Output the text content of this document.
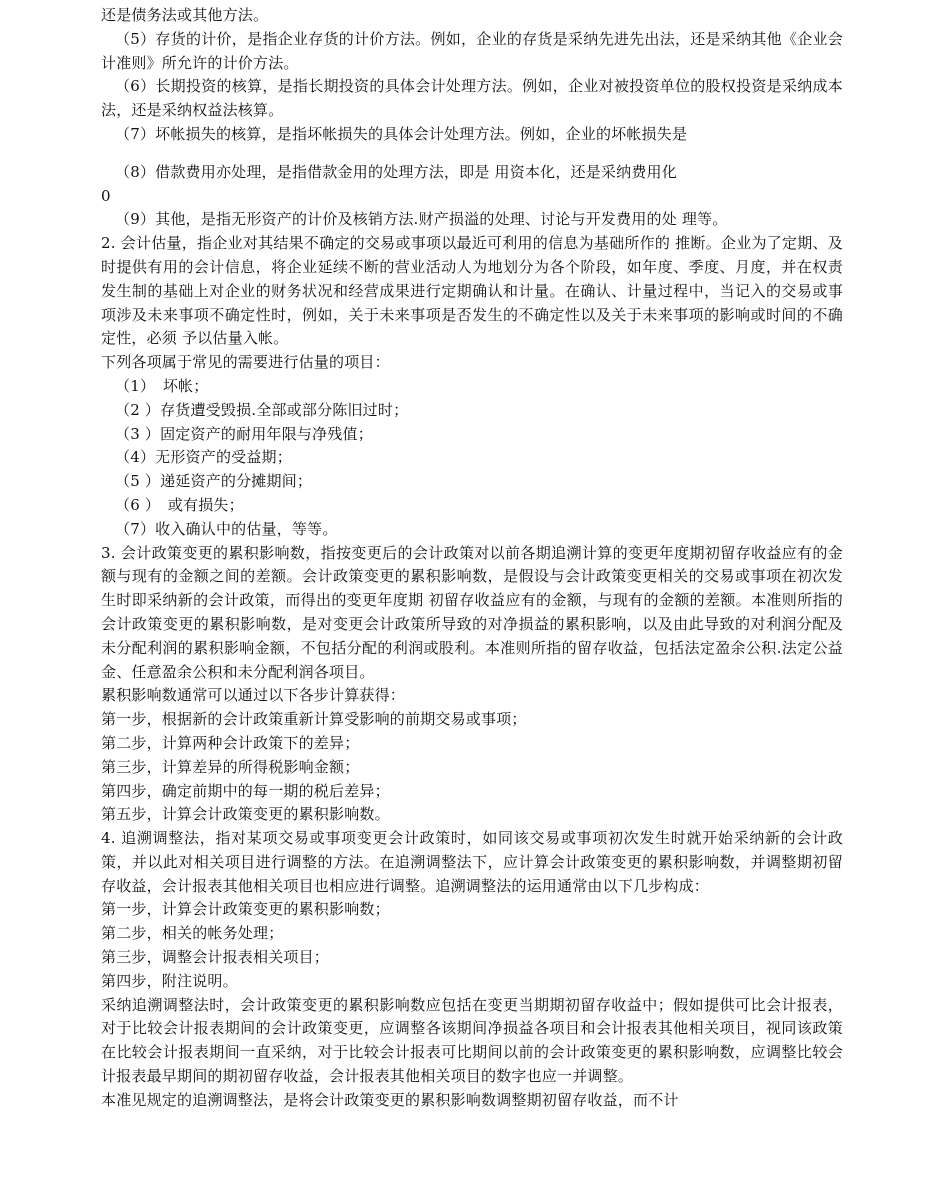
还是债务法或其他方法。

（5）存货的计价，是指企业存货的计价方法。例如，企业的存货是采纳先进先出法，还是采纳其他《企业会计准则》所允许的计价方法。

（6）长期投资的核算，是指长期投资的具体会计处理方法。例如，企业对被投资单位的股权投资是采纳成本法，还是采纳权益法核算。

（7）坏帐损失的核算，是指坏帐损失的具体会计处理方法。例如，企业的坏帐损失是

（8）借款费用亦处理，是指借款金用的处理方法，即是 用资本化，还是采纳费用化

0

（9）其他，是指无形资产的计价及核销方法.财产损溢的处理、讨论与开发费用的处 理等。

2. 会计估量，指企业对其结果不确定的交易或事项以最近可利用的信息为基础所作的 推断。企业为了定期、及时提供有用的会计信息，将企业延续不断的营业活动人为地划分为各个阶段，如年度、季度、月度，并在权责发生制的基础上对企业的财务状况和经营成果进行定期确认和计量。在确认、计量过程中，当记入的交易或事项涉及未来事项不确定性时，例如，关于未来事项是否发生的不确定性以及关于未来事项的影响或时间的不确定性，必须 予以估量入帐。

下列各项属于常见的需要进行估量的项目：

（1）　坏帐；

（2 ）存货遭受毁损.全部或部分陈旧过时；

（3 ）固定资产的耐用年限与净残值；

（4）无形资产的受益期；

（5 ）递延资产的分摊期间；

（6 ）　或有损失；

（7）收入确认中的估量，等等。

3. 会计政策变更的累积影响数，指按变更后的会计政策对以前各期追溯计算的变更年度期初留存收益应有的金额与现有的金额之间的差额。会计政策变更的累积影响数，是假设与会计政策变更相关的交易或事项在初次发生时即采纳新的会计政策，而得出的变更年度期 初留存收益应有的金额，与现有的金额的差额。本准则所指的会计政策变更的累积影响数，是对变更会计政策所导致的对净损益的累积影响，以及由此导致的对利润分配及未分配利润的累积影响金额，不包括分配的利润或股利。本准则所指的留存收益，包括法定盈余公积.法定公益金、任意盈余公积和未分配利润各项目。

累积影响数通常可以通过以下各步计算获得：

第一步，根据新的会计政策重新计算受影响的前期交易或事项；

第二步，计算两种会计政策下的差异；

第三步，计算差异的所得税影响金额；

第四步，确定前期中的每一期的税后差异；

第五步，计算会计政策变更的累积影响数。

4. 追溯调整法，指对某项交易或事项变更会计政策时，如同该交易或事项初次发生时就开始采纳新的会计政策，并以此对相关项目进行调整的方法。在追溯调整法下，应计算会计政策变更的累积影响数，并调整期初留存收益，会计报表其他相关项目也相应进行调整。追溯调整法的运用通常由以下几步构成：

第一步，计算会计政策变更的累积影响数；

第二步，相关的帐务处理；

第三步，调整会计报表相关项目；

第四步，附注说明。

采纳追溯调整法时，会计政策变更的累积影响数应包括在变更当期期初留存收益中；假如提供可比会计报表，对于比较会计报表期间的会计政策变更，应调整各该期间净损益各项目和会计报表其他相关项目，视同该政策在比较会计报表期间一直采纳，对于比较会计报表可比期间以前的会计政策变更的累积影响数，应调整比较会计报表最早期间的期初留存收益，会计报表其他相关项目的数字也应一并调整。

本准见规定的追溯调整法，是将会计政策变更的累积影响数调整期初留存收益，而不计
